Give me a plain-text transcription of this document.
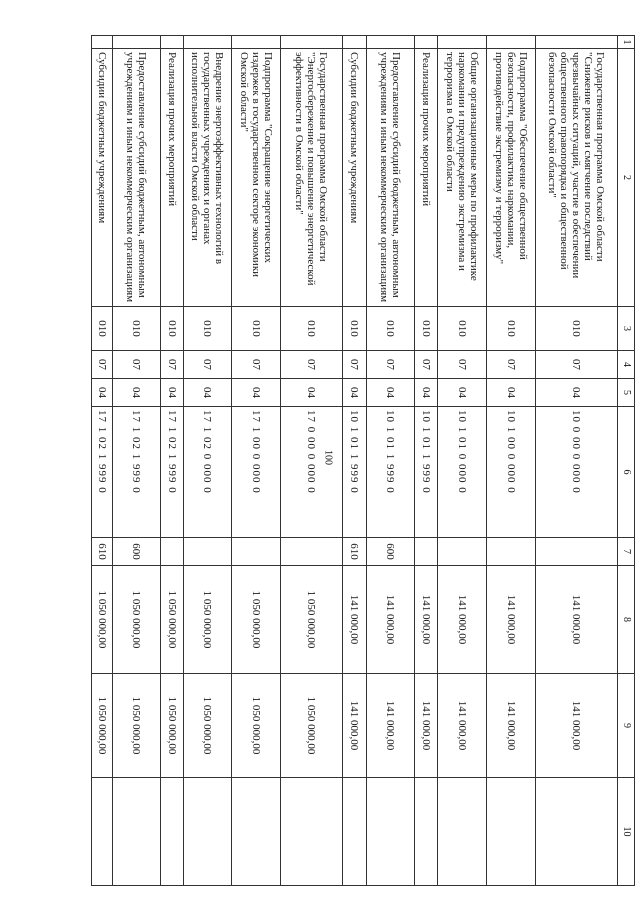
100
1	2	3	4	5	6	7	8	9	10
	Государственная программа Омской области "Снижение рисков и смягчение последствий чрезвычайных ситуаций, участие в обеспечении общественного правопорядка и общественной безопасности Омской области"	010	07	04	10 0 00 0 000 0		141 000,00	141 000,00	
	Подпрограмма "Обеспечение общественной безопасности, профилактика наркомании, противодействие экстремизму и терроризму"	010	07	04	10 1 00 0 000 0		141 000,00	141 000,00	
	Общие организационные меры по профилактике наркомании и предупреждению экстремизма и терроризма в Омской области	010	07	04	10 1 01 0 000 0		141 000,00	141 000,00	
	Реализация прочих мероприятий	010	07	04	10 1 01 1 999 0		141 000,00	141 000,00	
	Предоставление субсидий бюджетным, автономным учреждениям и иным некоммерческим организациям	010	07	04	10 1 01 1 999 0	600	141 000,00	141 000,00	
	Субсидии бюджетным учреждениям	010	07	04	10 1 01 1 999 0	610	141 000,00	141 000,00	
	Государственная программа Омской области "Энергосбережение и повышение энергетической эффективности в Омской области"	010	07	04	17 0 00 0 000 0		1 050 000,00	1 050 000,00	
	Подпрограмма "Сокращение энергетических издержек в государственном секторе экономики Омской области"	010	07	04	17 1 00 0 000 0		1 050 000,00	1 050 000,00	
	Внедрение энергоэффективных технологий в государственных учреждениях и органах исполнительной власти Омской области	010	07	04	17 1 02 0 000 0		1 050 000,00	1 050 000,00	
	Реализация прочих мероприятий	010	07	04	17 1 02 1 999 0		1 050 000,00	1 050 000,00	
	Предоставление субсидий бюджетным, автономным учреждениям и иным некоммерческим организациям	010	07	04	17 1 02 1 999 0	600	1 050 000,00	1 050 000,00	
	Субсидии бюджетным учреждениям	010	07	04	17 1 02 1 999 0	610	1 050 000,00	1 050 000,00	
